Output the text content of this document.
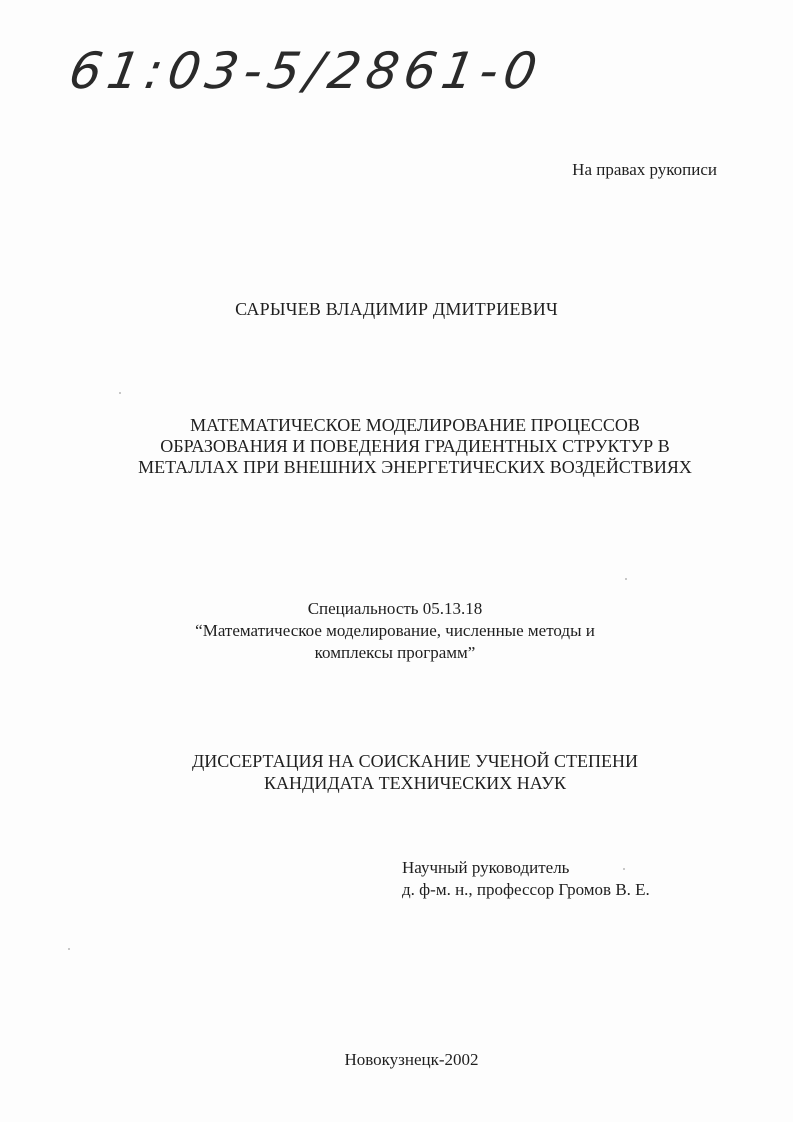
61:03-5/2861-0
На правах рукописи
САРЫЧЕВ ВЛАДИМИР ДМИТРИЕВИЧ
МАТЕМАТИЧЕСКОЕ МОДЕЛИРОВАНИЕ ПРОЦЕССОВ
ОБРАЗОВАНИЯ И ПОВЕДЕНИЯ ГРАДИЕНТНЫХ СТРУКТУР В
МЕТАЛЛАХ ПРИ ВНЕШНИХ ЭНЕРГЕТИЧЕСКИХ ВОЗДЕЙСТВИЯХ
Специальность 05.13.18
“Математическое моделирование, численные методы и
комплексы программ”
ДИССЕРТАЦИЯ НА СОИСКАНИЕ УЧЕНОЙ СТЕПЕНИ
КАНДИДАТА ТЕХНИЧЕСКИХ НАУК
Научный руководитель
д. ф-м. н., профессор Громов В. Е.
Новокузнецк-2002
